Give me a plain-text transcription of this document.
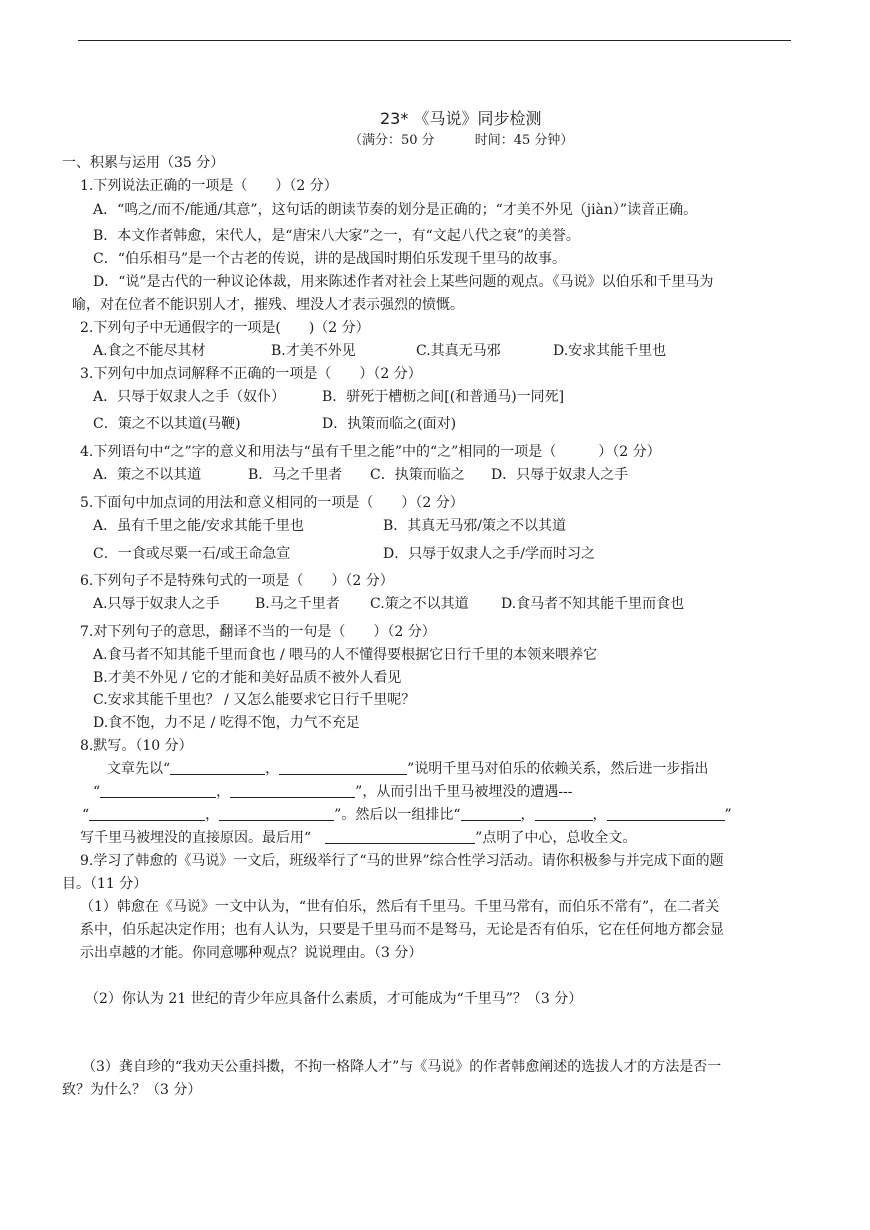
23* 《马说》同步检测
（满分：50 分	时间：45 分钟）
一、积累与运用（35 分）
1.下列说法正确的一项是（　　）（2 分）
A．“鸣之/而不/能通/其意”，这句话的朗读节奏的划分是正确的；“才美不外见（jiàn）”读音正确。
B．本文作者韩愈，宋代人，是“唐宋八大家”之一，有“文起八代之衰”的美誉。
C．“伯乐相马”是一个古老的传说，讲的是战国时期伯乐发现千里马的故事。
D．“说”是古代的一种议论体裁，用来陈述作者对社会上某些问题的观点。《马说》以伯乐和千里马为
喻，对在位者不能识别人才，摧残、埋没人才表示强烈的愤慨。
2.下列句子中无通假字的一项是(　　)（2 分）
A.食之不能尽其材	B.才美不外见	C.其真无马邪	D.安求其能千里也
3.下列句中加点词解释不正确的一项是（　　）（2 分）
A．只辱于奴隶人之手（奴仆）	B．骈死于槽枥之间[(和普通马)一同死]
C．策之不以其道(马鞭)	D．执策而临之(面对)
4.下列语句中“之”字的意义和用法与“虽有千里之能”中的“之”相同的一项是（　　　）（2 分）
A．策之不以其道	B．马之千里者 C．执策而临之 D．只辱于奴隶人之手
5.下面句中加点词的用法和意义相同的一项是（　　）（2 分）
A．虽有千里之能/安求其能千里也	B．其真无马邪/策之不以其道
C．一食或尽粟一石/或王命急宣	D．只辱于奴隶人之手/学而时习之
6.下列句子不是特殊句式的一项是（　　）（2 分）
A.只辱于奴隶人之手	B.马之千里者 C.策之不以其道 D.食马者不知其能千里而食也
7.对下列句子的意思，翻译不当的一句是（　　）（2 分）
A.食马者不知其能千里而食也 / 喂马的人不懂得要根据它日行千里的本领来喂养它
B.才美不外见 / 它的才能和美好品质不被外人看见
C.安求其能千里也？ / 又怎么能要求它日行千里呢？
D.食不饱，力不足 / 吃得不饱，力气不充足
8.默写。（10 分）
文章先以“	，	”说明千里马对伯乐的依赖关系，然后进一步指出
“	，	”，从而引出千里马被埋没的遭遇---
“	，	”。然后以一组排比“	，	，	”
写千里马被埋没的直接原因。最后用“	”点明了中心，总收全文。
9.学习了韩愈的《马说》一文后，班级举行了“马的世界”综合性学习活动。请你积极参与并完成下面的题
目。（11 分）
（1）韩愈在《马说》一文中认为，“世有伯乐，然后有千里马。千里马常有，而伯乐不常有”，在二者关
系中，伯乐起决定作用；也有人认为，只要是千里马而不是驽马，无论是否有伯乐，它在任何地方都会显
示出卓越的才能。你同意哪种观点？说说理由。（3 分）
（2）你认为 21 世纪的青少年应具备什么素质，才可能成为“千里马”？（3 分）
（3）龚自珍的“我劝天公重抖擞，不拘一格降人才”与《马说》的作者韩愈阐述的选拔人才的方法是否一
致？为什么？（3 分）
